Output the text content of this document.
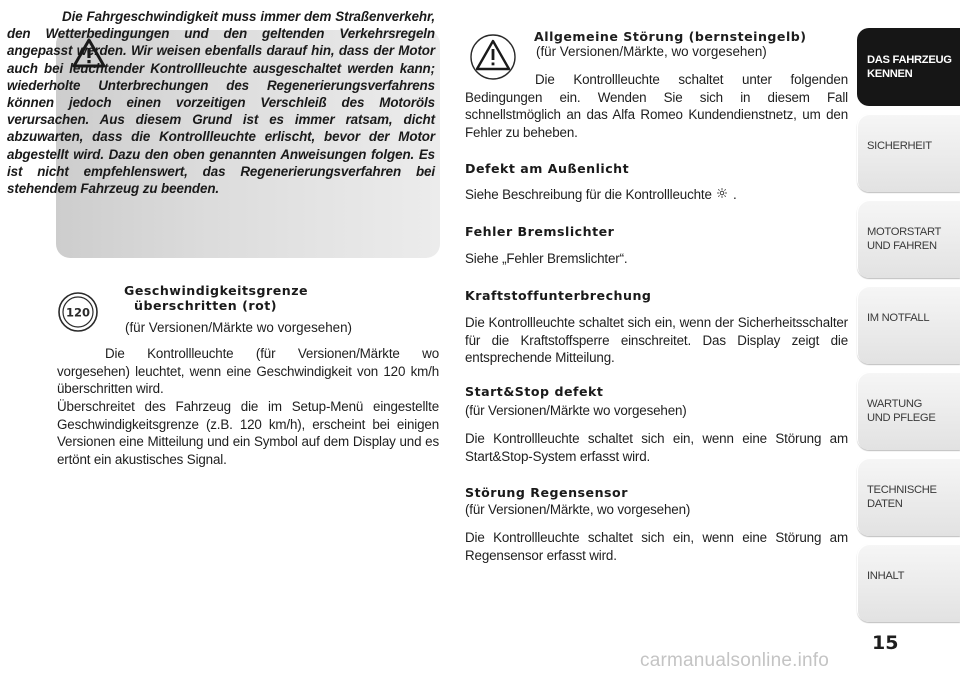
Die Fahrgeschwindigkeit muss immer dem Straßenverkehr, den Wetterbedingungen und den geltenden Verkehrsregeln angepasst werden. Wir weisen ebenfalls darauf hin, dass der Motor auch bei leuchtender Kontrollleuchte ausgeschaltet werden kann; wiederholte Unterbrechungen des Regenerierungsverfahrens können jedoch einen vorzeitigen Verschleiß des Motoröls verursachen. Aus diesem Grund ist es immer ratsam, dicht abzuwarten, dass die Kontrollleuchte erlischt, bevor der Motor abgestellt wird. Dazu den oben genannten Anweisungen folgen. Es ist nicht empfehlenswert, das Regenerierungsverfahren bei stehendem Fahrzeug zu beenden.
120
Geschwindigkeitsgrenze
überschritten (rot)
(für Versionen/Märkte wo vorgesehen)
Die Kontrollleuchte (für Versionen/Märkte wo vorgesehen) leuchtet, wenn eine Geschwindigkeit von 120 km/h überschritten wird.
Überschreitet des Fahrzeug die im Setup-Menü eingestellte Geschwindigkeitsgrenze (z.B. 120 km/h), erscheint bei einigen Versionen eine Mitteilung und ein Symbol auf dem Display und es ertönt ein akustisches Signal.
Allgemeine Störung (bernsteingelb)
(für Versionen/Märkte, wo vorgesehen)
Die Kontrollleuchte schaltet unter folgenden Bedingungen ein. Wenden Sie sich in diesem Fall schnellstmöglich an das Alfa Romeo Kundendienstnetz, um den Fehler zu beheben.
Defekt am Außenlicht
Siehe Beschreibung für die Kontrollleuchte .
Fehler Bremslichter
Siehe „Fehler Bremslichter“.
Kraftstoffunterbrechung
Die Kontrollleuchte schaltet sich ein, wenn der Sicherheitsschalter für die Kraftstoffsperre einschreitet. Das Display zeigt die entsprechende Mitteilung.
Start&Stop defekt
(für Versionen/Märkte wo vorgesehen)
Die Kontrollleuchte schaltet sich ein, wenn eine Störung am Start&Stop-System erfasst wird.
Störung Regensensor
(für Versionen/Märkte, wo vorgesehen)
Die Kontrollleuchte schaltet sich ein, wenn eine Störung am Regensensor erfasst wird.
DAS FAHRZEUG
KENNEN
SICHERHEIT
MOTORSTART
UND FAHREN
IM NOTFALL
WARTUNG
UND PFLEGE
TECHNISCHE
DATEN
INHALT
15
carmanualsonline.info
